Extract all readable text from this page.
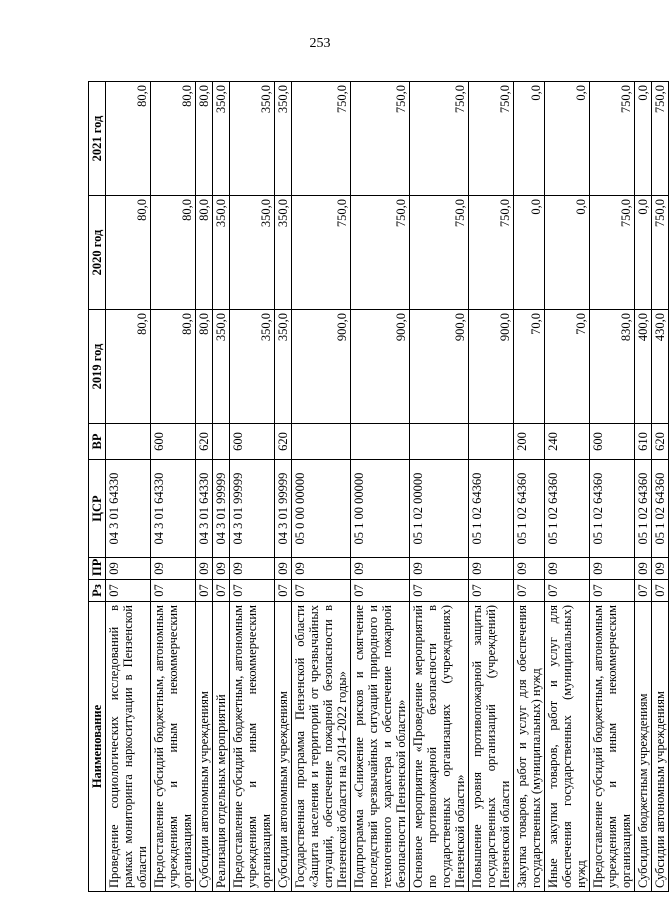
253
Наименование	Рз	ПР	ЦСР	ВР	2019 год	2020 год	2021 год
Проведение социологических исследований в рамках мониторинга наркоситуации в Пензенской области	07	09	04 3 01 64330		80,0	80,0	80,0
Предоставление субсидий бюджетным, автономным учреждениям и иным некоммерческим организациям	07	09	04 3 01 64330	600	80,0	80,0	80,0
Субсидии автономным учреждениям	07	09	04 3 01 64330	620	80,0	80,0	80,0
Реализация отдельных мероприятий	07	09	04 3 01 99999		350,0	350,0	350,0
Предоставление субсидий бюджетным, автономным учреждениям и иным некоммерческим организациям	07	09	04 3 01 99999	600	350,0	350,0	350,0
Субсидии автономным учреждениям	07	09	04 3 01 99999	620	350,0	350,0	350,0
Государственная программа Пензенской области «Защита населения и территорий от чрезвычайных ситуаций, обеспечение пожарной безопасности в Пензенской области на 2014–2022 годы»	07	09	05 0 00 00000		900,0	750,0	750,0
Подпрограмма «Снижение рисков и смягчение последствий чрезвычайных ситуаций природного и техногенного характера и обеспечение пожарной безопасности Пензенской области»	07	09	05 1 00 00000		900,0	750,0	750,0
Основное мероприятие «Проведение мероприятий по противопожарной безопасности в государственных организациях (учреждениях) Пензенской области»	07	09	05 1 02 00000		900,0	750,0	750,0
Повышение уровня противопожарной защиты государственных организаций (учреждений) Пензенской области	07	09	05 1 02 64360		900,0	750,0	750,0
Закупка товаров, работ и услуг для обеспечения государственных (муниципальных) нужд	07	09	05 1 02 64360	200	70,0	0,0	0,0
Иные закупки товаров, работ и услуг для обеспечения государственных (муниципальных) нужд	07	09	05 1 02 64360	240	70,0	0,0	0,0
Предоставление субсидий бюджетным, автономным учреждениям и иным некоммерческим организациям	07	09	05 1 02 64360	600	830,0	750,0	750,0
Субсидии бюджетным учреждениям	07	09	05 1 02 64360	610	400,0	0,0	0,0
Субсидии автономным учреждениям	07	09	05 1 02 64360	620	430,0	750,0	750,0
